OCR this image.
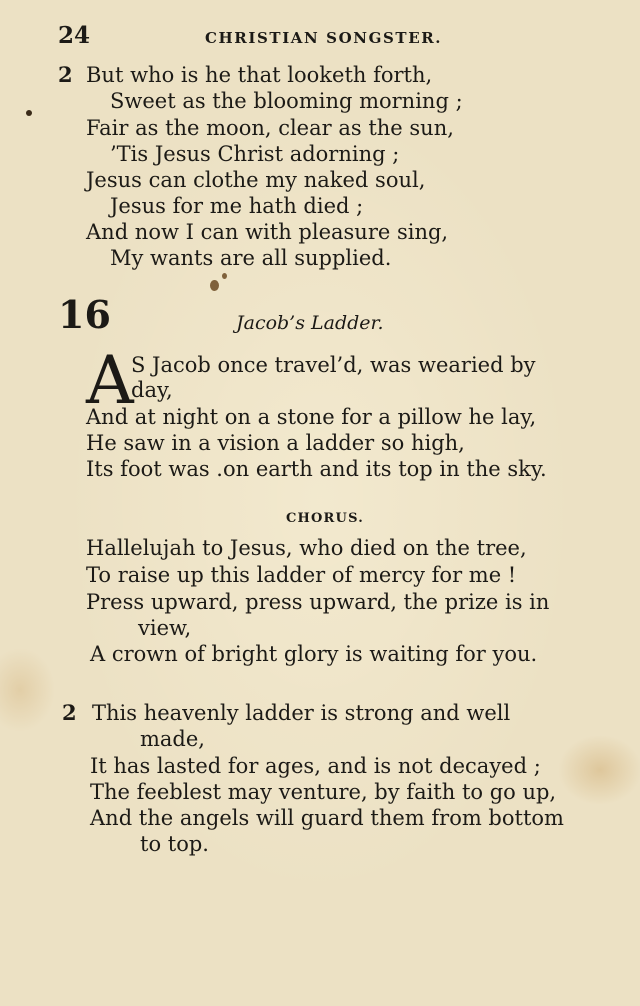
24	CHRISTIAN SONGSTER.
2 But who is he that looketh forth,
Sweet as the blooming morning ;
Fair as the moon, clear as the sun,
’Tis Jesus Christ adorning ;
Jesus can clothe my naked soul,
Jesus for me hath died ;
And now I can with pleasure sing,
My wants are all supplied.
16	Jacob’s Ladder.
A
S Jacob once travel’d, was wearied by
day,
And at night on a stone for a pillow he lay,
He saw in a vision a ladder so high,
Its foot was .on earth and its top in the sky.
CHORUS.
Hallelujah to Jesus, who died on the tree,
To raise up this ladder of mercy for me !
Press upward, press upward, the prize is in
view,
A crown of bright glory is waiting for you.
2 This heavenly ladder is strong and well
made,
It has lasted for ages, and is not decayed ;
The feeblest may venture, by faith to go up,
And the angels will guard them from bottom
to top.
